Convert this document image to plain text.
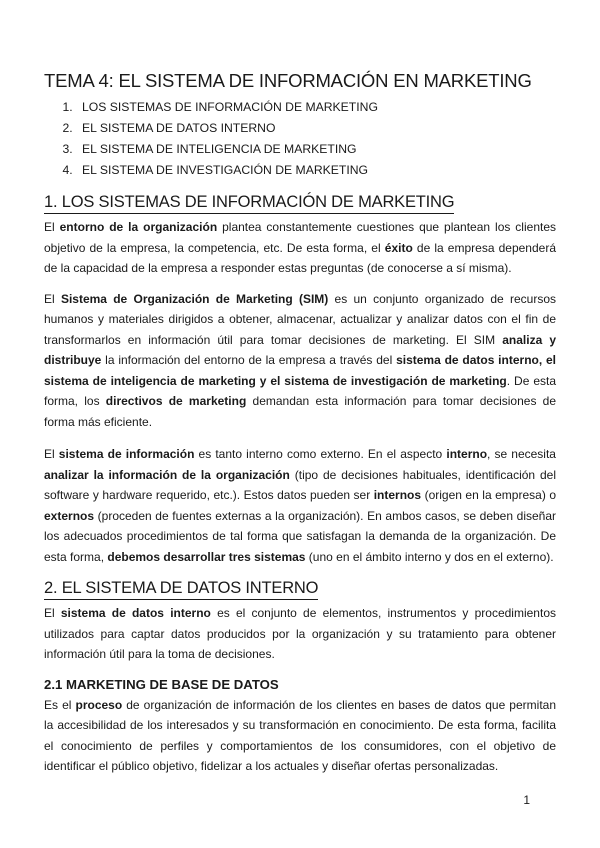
TEMA 4: EL SISTEMA DE INFORMACIÓN EN MARKETING
1. LOS SISTEMAS DE INFORMACIÓN DE MARKETING
2. EL SISTEMA DE DATOS INTERNO
3. EL SISTEMA DE INTELIGENCIA DE MARKETING
4. EL SISTEMA DE INVESTIGACIÓN DE MARKETING
1. LOS SISTEMAS DE INFORMACIÓN DE MARKETING

El entorno de la organización plantea constantemente cuestiones que plantean los clientes objetivo de la empresa, la competencia, etc. De esta forma, el éxito de la empresa dependerá de la capacidad de la empresa a responder estas preguntas (de conocerse a sí misma).

El Sistema de Organización de Marketing (SIM) es un conjunto organizado de recursos humanos y materiales dirigidos a obtener, almacenar, actualizar y analizar datos con el fin de transformarlos en información útil para tomar decisiones de marketing. El SIM analiza y distribuye la información del entorno de la empresa a través del sistema de datos interno, el sistema de inteligencia de marketing y el sistema de investigación de marketing. De esta forma, los directivos de marketing demandan esta información para tomar decisiones de forma más eficiente.

El sistema de información es tanto interno como externo. En el aspecto interno, se necesita analizar la información de la organización (tipo de decisiones habituales, identificación del software y hardware requerido, etc.). Estos datos pueden ser internos (origen en la empresa) o externos (proceden de fuentes externas a la organización). En ambos casos, se deben diseñar los adecuados procedimientos de tal forma que satisfagan la demanda de la organización. De esta forma, debemos desarrollar tres sistemas (uno en el ámbito interno y dos en el externo).

2. EL SISTEMA DE DATOS INTERNO

El sistema de datos interno es el conjunto de elementos, instrumentos y procedimientos utilizados para captar datos producidos por la organización y su tratamiento para obtener información útil para la toma de decisiones.

2.1 MARKETING DE BASE DE DATOS

Es el proceso de organización de información de los clientes en bases de datos que permitan la accesibilidad de los interesados y su transformación en conocimiento. De esta forma, facilita el conocimiento de perfiles y comportamientos de los consumidores, con el objetivo de identificar el público objetivo, fidelizar a los actuales y diseñar ofertas personalizadas.

1
